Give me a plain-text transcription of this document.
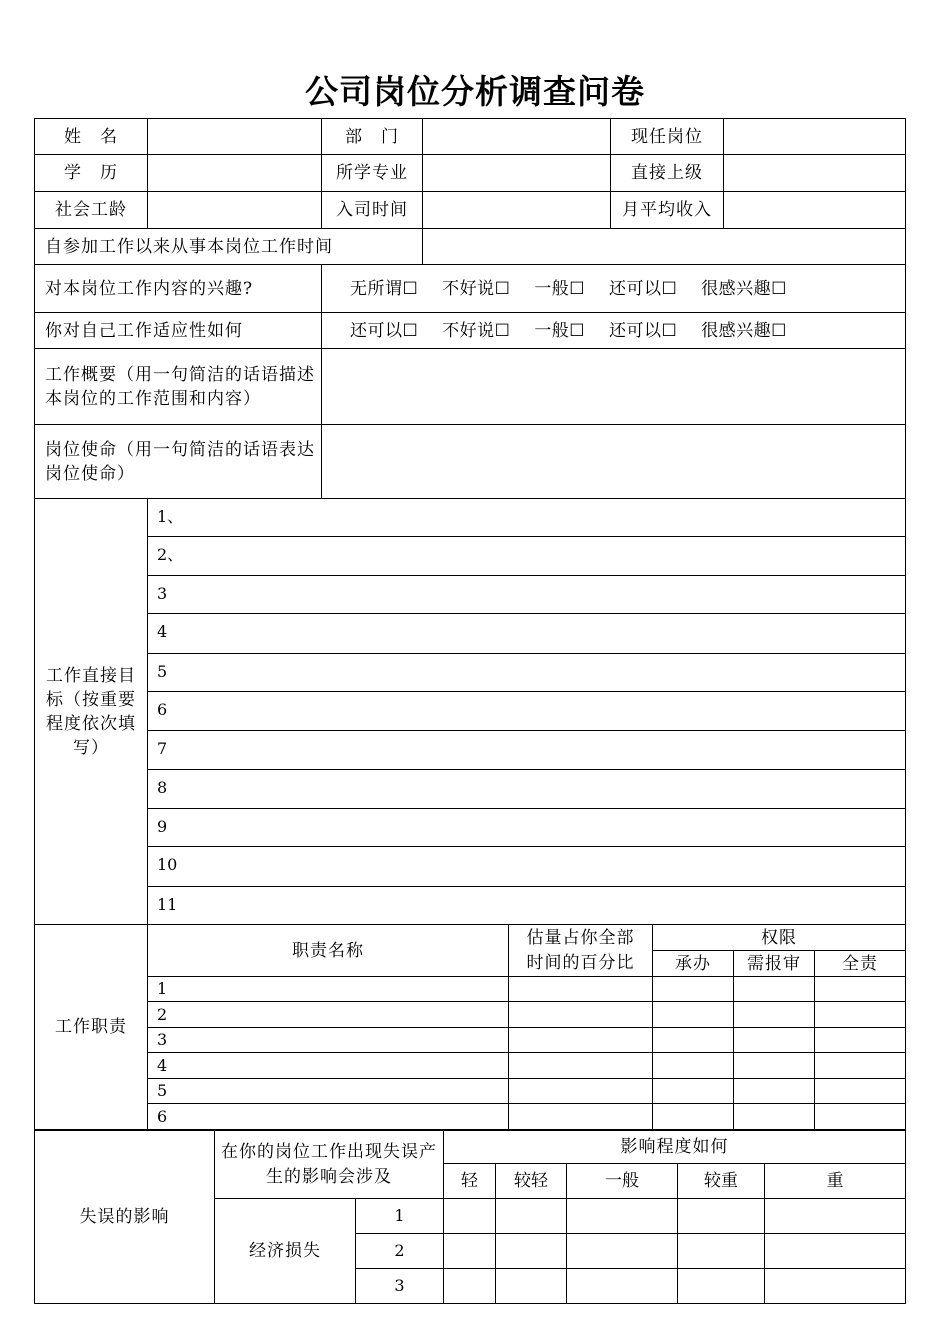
公司岗位分析调查问卷
姓　名		部　门		现任岗位	
学　历		所学专业		直接上级	
社会工龄		入司时间		月平均收入	
自参加工作以来从事本岗位工作时间					
对本岗位工作内容的兴趣?	无所谓☐ 不好说☐ 一般☐ 还可以☐ 很感兴趣☐
你对自己工作适应性如何	还可以☐ 不好说☐ 一般☐ 还可以☐ 很感兴趣☐
工作概要（用一句简洁的话语描述本岗位的工作范围和内容）	
岗位使命（用一句简洁的话语表达岗位使命）	
工作直接目标（按重要程度依次填写）	1、
2、
3
4
5
6
7
8
9
10
11
工作职责	职责名称	估量占你全部时间的百分比	权限		
			承办	需报审	全责
	1				
	2				
	3				
	4				
	5				
	6				
失误的影响	在你的岗位工作出现失误产生的影响会涉及		影响程度如何				
			轻	较轻	一般	较重	重
	经济损失	1					
		2					
		3					
